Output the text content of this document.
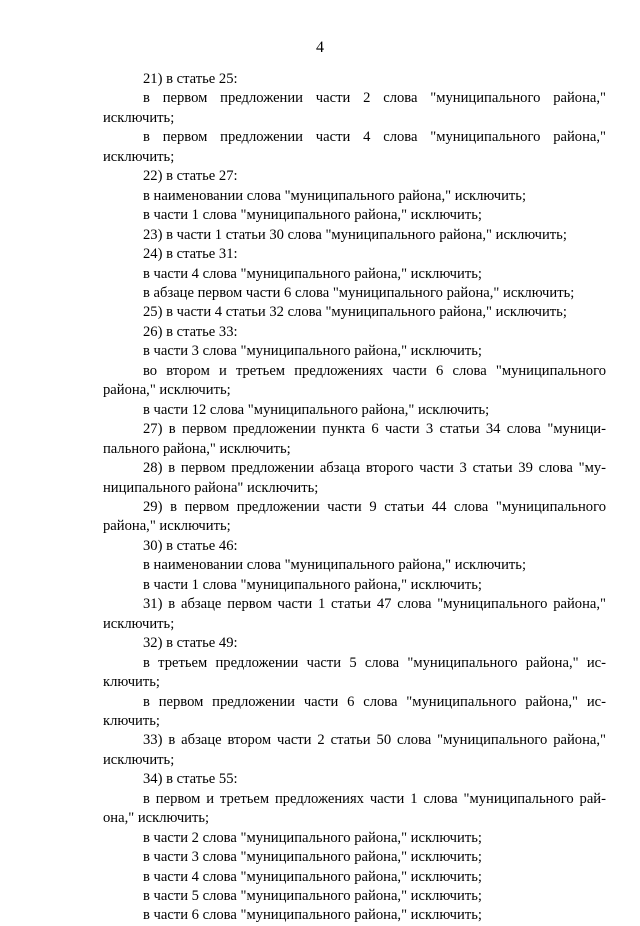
4

21) в статье 25:

в первом предложении части 2 слова "муниципального района," исключить;

в первом предложении части 4 слова "муниципального района," исключить;

22) в статье 27:

в наименовании слова "муниципального района," исключить;

в части 1 слова "муниципального района," исключить;

23) в части 1 статьи 30 слова "муниципального района," исключить;

24) в статье 31:

в части 4 слова "муниципального района," исключить;

в абзаце первом части 6 слова "муниципального района," исключить;

25) в части 4 статьи 32 слова "муниципального района," исключить;

26) в статье 33:

в части 3 слова "муниципального района," исключить;

во втором и третьем предложениях части 6 слова "муниципального района," исключить;

в части 12 слова "муниципального района," исключить;

27) в первом предложении пункта 6 части 3 статьи 34 слова "муниципального района," исключить;

28) в первом предложении абзаца второго части 3 статьи 39 слова "муниципального района" исключить;

29) в первом предложении части 9 статьи 44 слова "муниципального района," исключить;

30) в статье 46:

в наименовании слова "муниципального района," исключить;

в части 1 слова "муниципального района," исключить;

31) в абзаце первом части 1 статьи 47 слова "муниципального района," исключить;

32) в статье 49:

в третьем предложении части 5 слова "муниципального района," исключить;

в первом предложении части 6 слова "муниципального района," исключить;

33) в абзаце втором части 2 статьи 50 слова "муниципального района," исключить;

34) в статье 55:

в первом и третьем предложениях части 1 слова "муниципального района," исключить;

в части 2 слова "муниципального района," исключить;

в части 3 слова "муниципального района," исключить;

в части 4 слова "муниципального района," исключить;

в части 5 слова "муниципального района," исключить;

в части 6 слова "муниципального района," исключить;
